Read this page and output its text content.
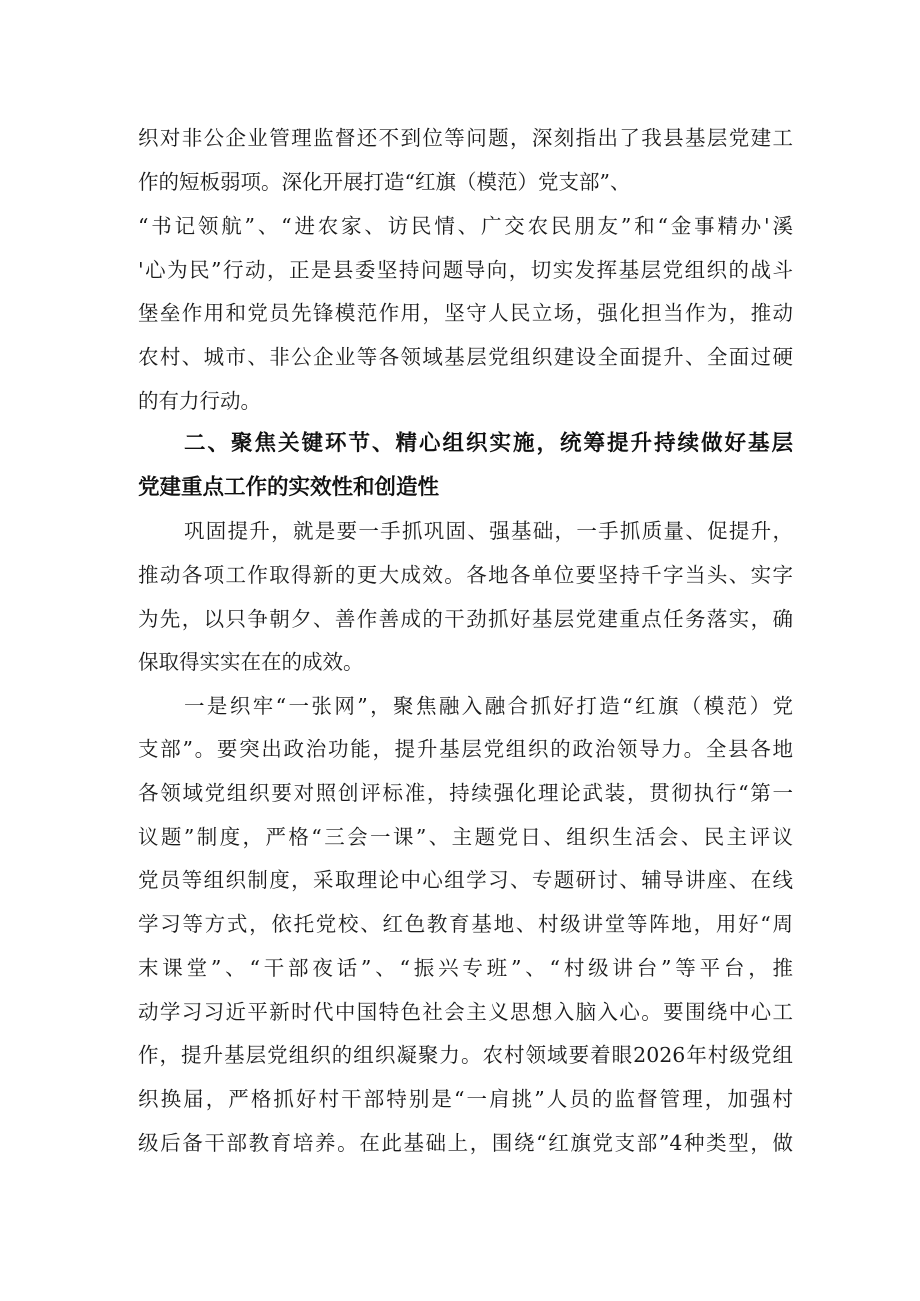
织对非公企业管理监督还不到位等问题，深刻指出了我县基层党建工
作的短板弱项。深化开展打造“红旗（模范）党支部”、
“书记领航”、“进农家、访民情、广交农民朋友”和“金事精办'溪
'心为民”行动，正是县委坚持问题导向，切实发挥基层党组织的战斗
堡垒作用和党员先锋模范作用，坚守人民立场，强化担当作为，推动
农村、城市、非公企业等各领域基层党组织建设全面提升、全面过硬
的有力行动。
二、聚焦关键环节、精心组织实施，统筹提升持续做好基层
党建重点工作的实效性和创造性
巩固提升，就是要一手抓巩固、强基础，一手抓质量、促提升，
推动各项工作取得新的更大成效。各地各单位要坚持千字当头、实字
为先，以只争朝夕、善作善成的干劲抓好基层党建重点任务落实，确
保取得实实在在的成效。
一是织牢“一张网”，聚焦融入融合抓好打造“红旗（模范）党
支部”。要突出政治功能，提升基层党组织的政治领导力。全县各地
各领域党组织要对照创评标准，持续强化理论武装，贯彻执行“第一
议题”制度，严格“三会一课”、主题党日、组织生活会、民主评议
党员等组织制度，采取理论中心组学习、专题研讨、辅导讲座、在线
学习等方式，依托党校、红色教育基地、村级讲堂等阵地，用好“周
末课堂”、“干部夜话”、“振兴专班”、“村级讲台”等平台，推
动学习习近平新时代中国特色社会主义思想入脑入心。要围绕中心工
作，提升基层党组织的组织凝聚力。农村领域要着眼2026年村级党组
织换届，严格抓好村干部特别是“一肩挑”人员的监督管理，加强村
级后备干部教育培养。在此基础上，围绕“红旗党支部”4种类型，做
